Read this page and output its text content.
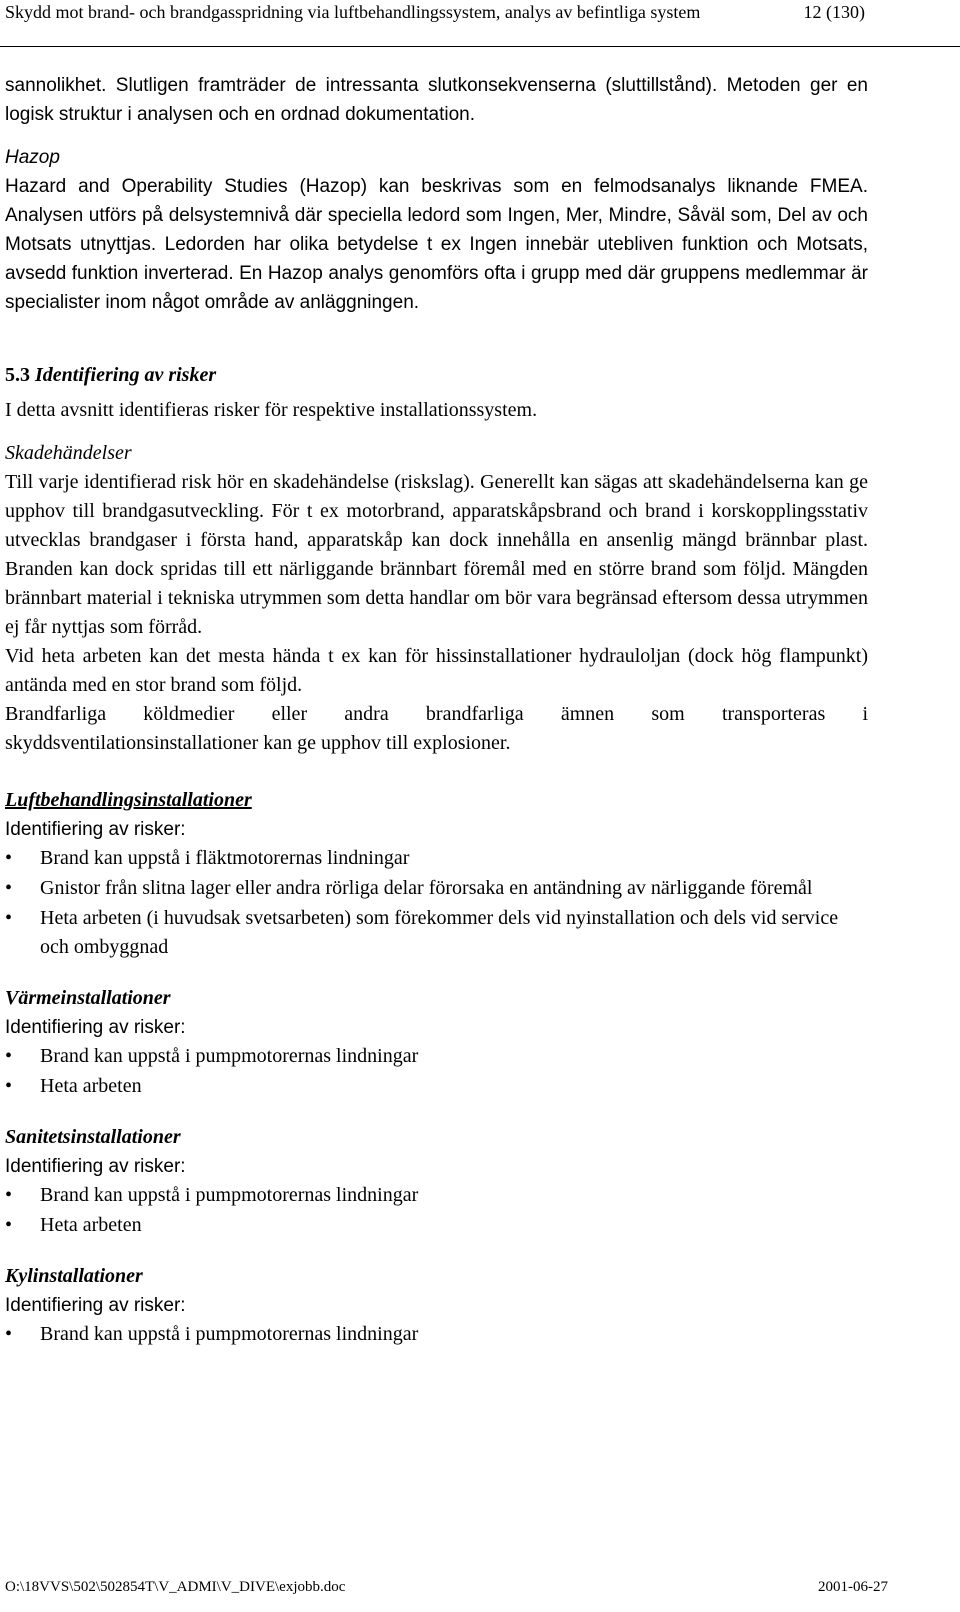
Skydd mot brand- och brandgasspridning via luftbehandlingssystem, analys av befintliga system	12 (130)

sannolikhet. Slutligen framträder de intressanta slutkonsekvenserna (sluttillstånd). Metoden ger en logisk struktur i analysen och en ordnad dokumentation.

Hazop

Hazard and Operability Studies (Hazop) kan beskrivas som en felmodsanalys liknande FMEA. Analysen utförs på delsystemnivå där speciella ledord som Ingen, Mer, Mindre, Såväl som, Del av och Motsats utnyttjas. Ledorden har olika betydelse t ex Ingen innebär utebliven funktion och Motsats, avsedd funktion inverterad. En Hazop analys genomförs ofta i grupp med där gruppens medlemmar är specialister inom något område av anläggningen.

5.3 Identifiering av risker

I detta avsnitt identifieras risker för respektive installationssystem.

Skadehändelser

Till varje identifierad risk hör en skadehändelse (riskslag). Generellt kan sägas att skadehändelserna kan ge upphov till brandgasutveckling. För t ex motorbrand, apparatskåpsbrand och brand i korskopplingsstativ utvecklas brandgaser i första hand, apparatskåp kan dock innehålla en ansenlig mängd brännbar plast. Branden kan dock spridas till ett närliggande brännbart föremål med en större brand som följd. Mängden brännbart material i tekniska utrymmen som detta handlar om bör vara begränsad eftersom dessa utrymmen ej får nyttjas som förråd.

Vid heta arbeten kan det mesta hända t ex kan för hissinstallationer hydrauloljan (dock hög flampunkt) antända med en stor brand som följd.

Brandfarliga köldmedier eller andra brandfarliga ämnen som transporteras i skyddsventilationsinstallationer kan ge upphov till explosioner.

Luftbehandlingsinstallationer

Identifiering av risker:

• Brand kan uppstå i fläktmotorernas lindningar
• Gnistor från slitna lager eller andra rörliga delar förorsaka en antändning av närliggande föremål
• Heta arbeten (i huvudsak svetsarbeten) som förekommer dels vid nyinstallation och dels vid service och ombyggnad

Värmeinstallationer

Identifiering av risker:

• Brand kan uppstå i pumpmotorernas lindningar
• Heta arbeten

Sanitetsinstallationer

Identifiering av risker:

• Brand kan uppstå i pumpmotorernas lindningar
• Heta arbeten

Kylinstallationer

Identifiering av risker:

• Brand kan uppstå i pumpmotorernas lindningar
O:\18VVS\502\502854T\V_ADMI\V_DIVE\exjobb.doc	2001-06-27
